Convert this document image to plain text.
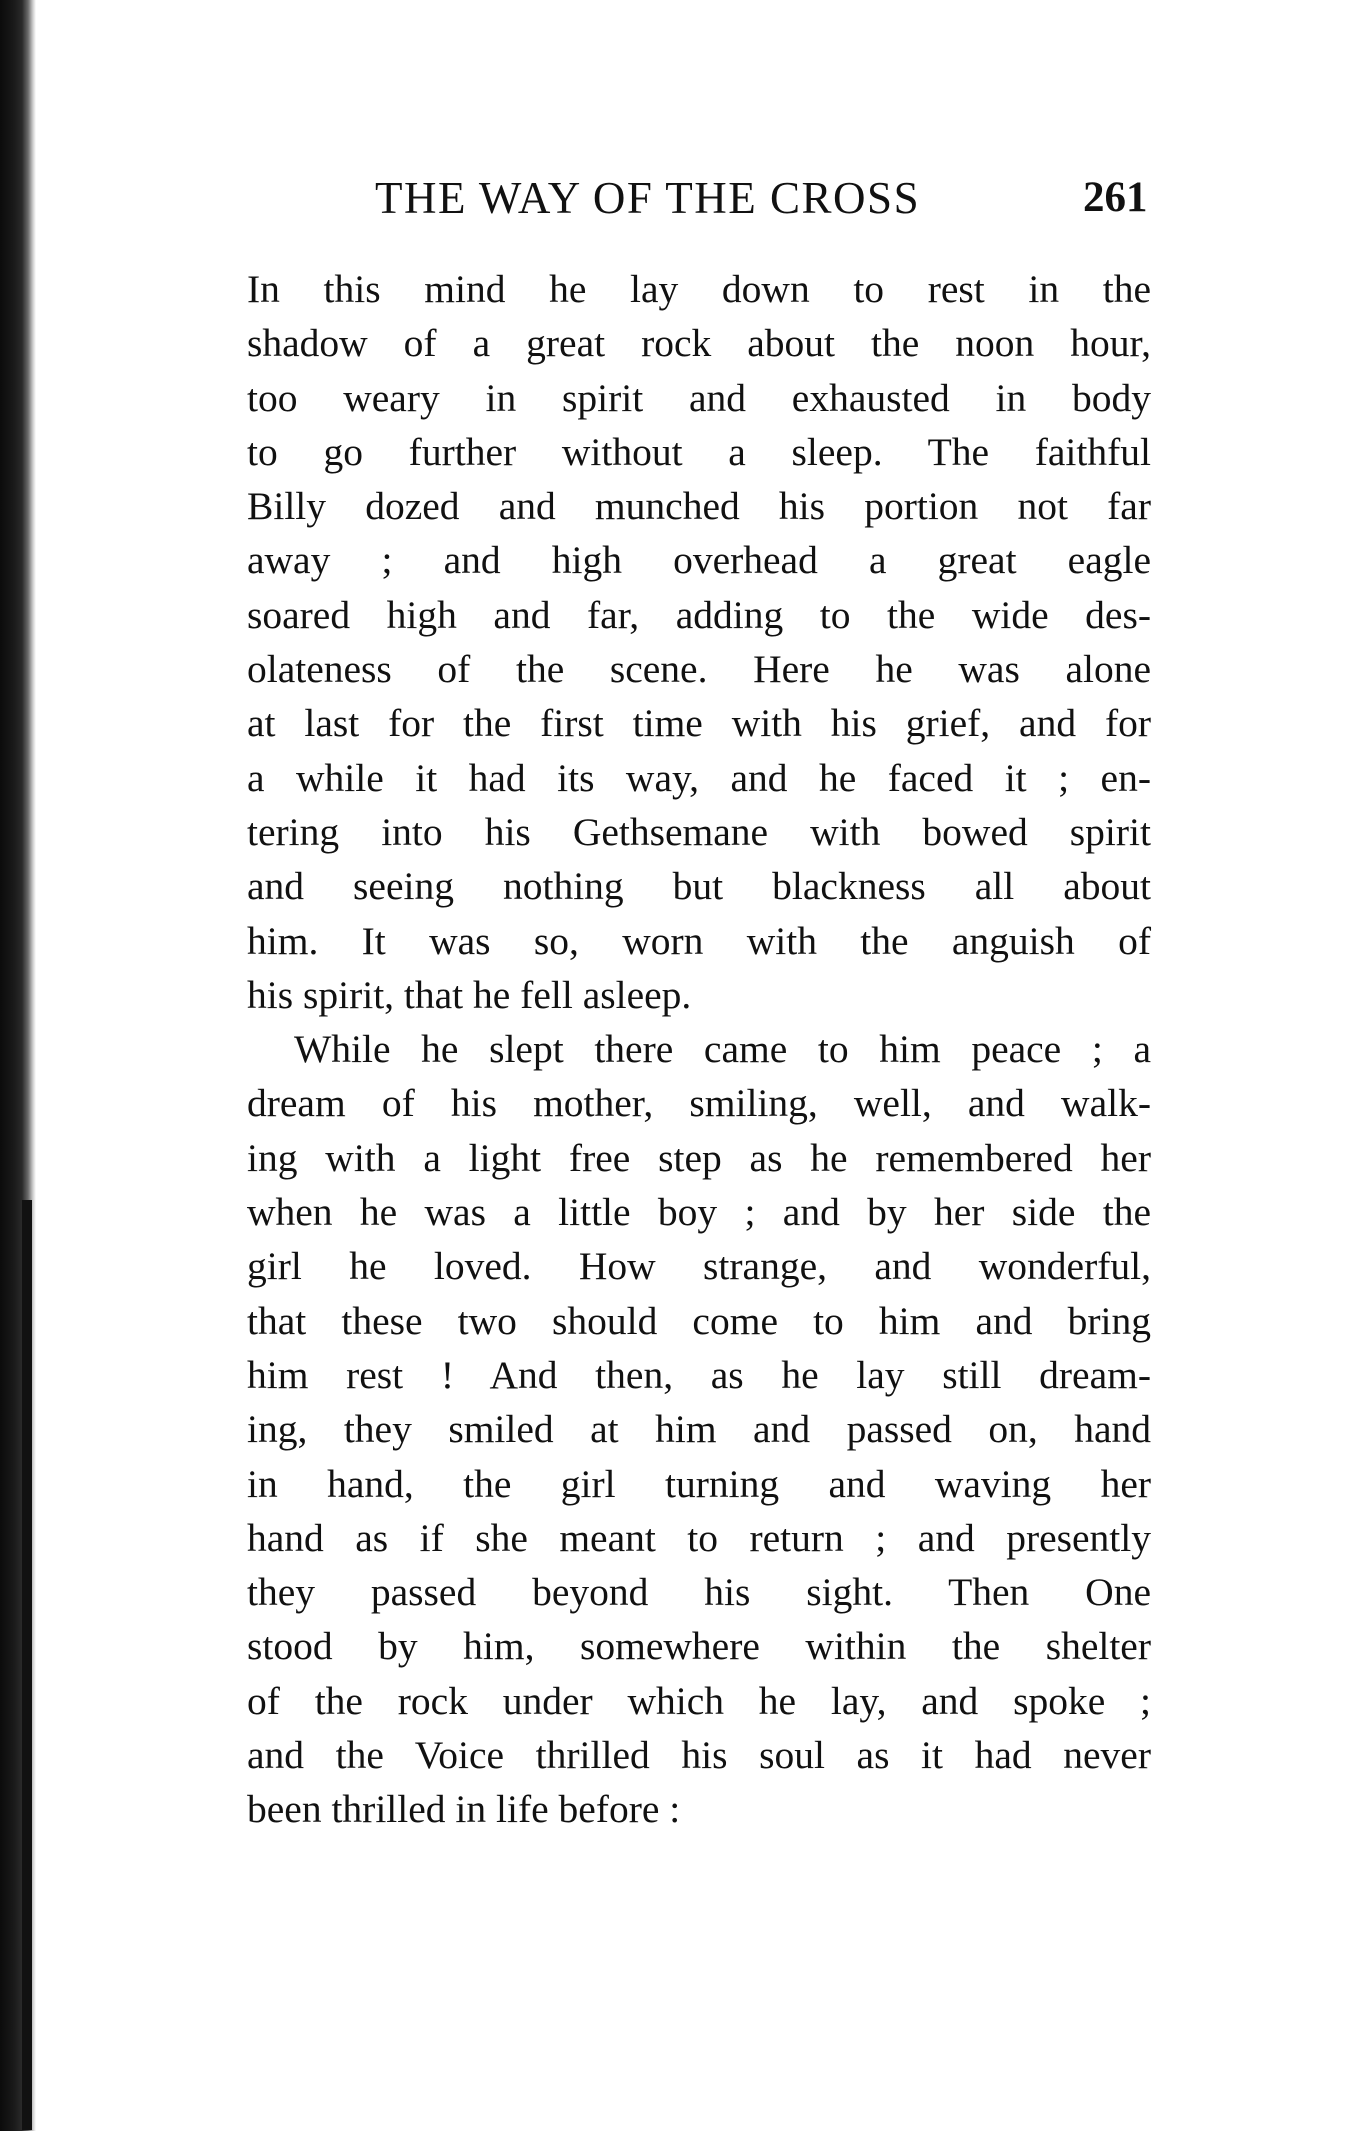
THE WAY OF THE CROSS	261
In this mind he lay down to rest in the
shadow of a great rock about the noon hour,
too weary in spirit and exhausted in body
to go further without a sleep. The faithful
Billy dozed and munched his portion not far
away ; and high overhead a great eagle
soared high and far, adding to the wide des-
olateness of the scene. Here he was alone
at last for the first time with his grief, and for
a while it had its way, and he faced it ; en-
tering into his Gethsemane with bowed spirit
and seeing nothing but blackness all about
him. It was so, worn with the anguish of
his spirit, that he fell asleep.
While he slept there came to him peace ; a
dream of his mother, smiling, well, and walk-
ing with a light free step as he remembered her
when he was a little boy ; and by her side the
girl he loved. How strange, and wonderful,
that these two should come to him and bring
him rest ! And then, as he lay still dream-
ing, they smiled at him and passed on, hand
in hand, the girl turning and waving her
hand as if she meant to return ; and presently
they passed beyond his sight. Then One
stood by him, somewhere within the shelter
of the rock under which he lay, and spoke ;
and the Voice thrilled his soul as it had never
been thrilled in life before :
